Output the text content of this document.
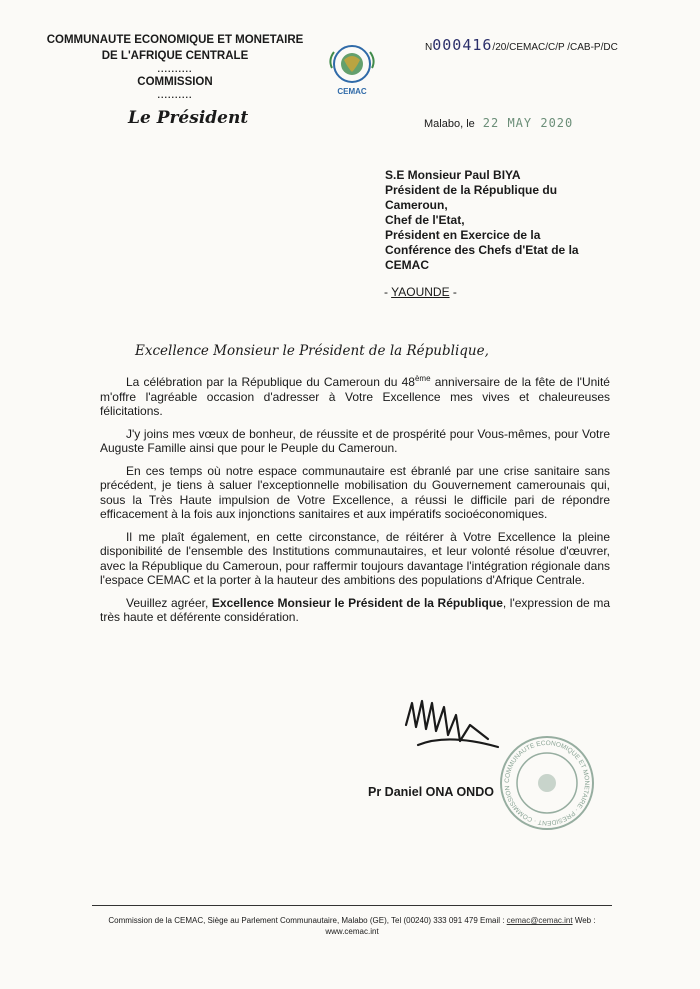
COMMUNAUTE ECONOMIQUE ET MONETAIRE
DE L'AFRIQUE CENTRALE
..........
COMMISSION
..........
Le Président
CEMAC
N000416/20/CEMAC/C/P /CAB-P/DC
Malabo, le 22 MAY 2020
S.E Monsieur Paul BIYA
Président de la République du Cameroun,
Chef de l'Etat,
Président en Exercice de la Conférence des Chefs d'Etat de la CEMAC
- YAOUNDE -
Excellence Monsieur le Président de la République,

La célébration par la République du Cameroun du 48ème anniversaire de la fête de l'Unité m'offre l'agréable occasion d'adresser à Votre Excellence mes vives et chaleureuses félicitations.

J'y joins mes vœux de bonheur, de réussite et de prospérité pour Vous-mêmes, pour Votre Auguste Famille ainsi que pour le Peuple du Cameroun.

En ces temps où notre espace communautaire est ébranlé par une crise sanitaire sans précédent, je tiens à saluer l'exceptionnelle mobilisation du Gouvernement camerounais qui, sous la Très Haute impulsion de Votre Excellence, a réussi le difficile pari de répondre efficacement à la fois aux injonctions sanitaires et aux impératifs socioéconomiques.

Il me plaît également, en cette circonstance, de réitérer à Votre Excellence la pleine disponibilité de l'ensemble des Institutions communautaires, et leur volonté résolue d'œuvrer, avec la République du Cameroun, pour raffermir toujours davantage l'intégration régionale dans l'espace CEMAC et la porter à la hauteur des ambitions des populations d'Afrique Centrale.

Veuillez agréer, Excellence Monsieur le Président de la République, l'expression de ma très haute et déférente considération.

COMMUNAUTE ECONOMIQUE ET MONETAIRE · PRESIDENT · COMMISSION
Pr Daniel ONA ONDO
Commission de la CEMAC, Siège au Parlement Communautaire, Malabo (GE), Tel (00240) 333 091 479 Email : cemac@cemac.int Web :
www.cemac.int
